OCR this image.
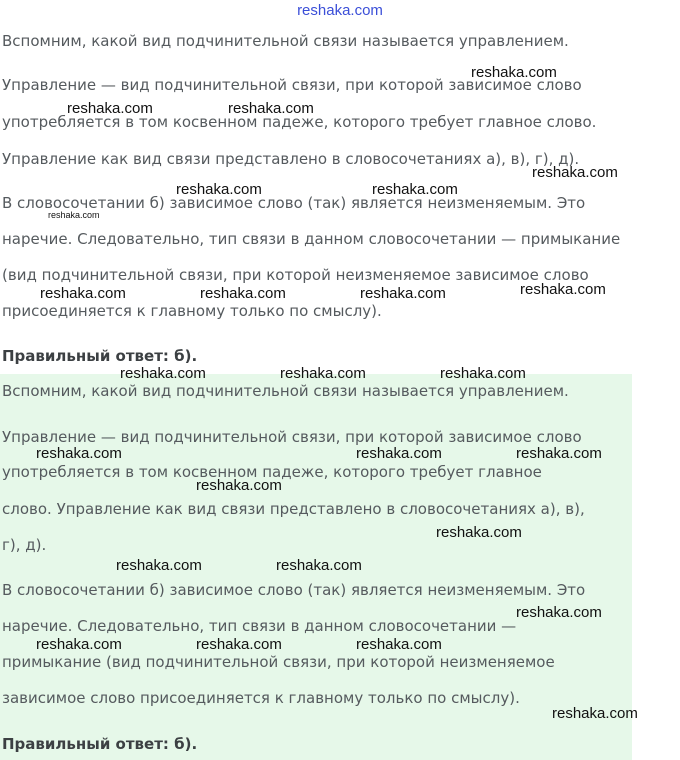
reshaka.com
Вспомним, какой вид подчинительной связи называется управлением.
Управление — вид подчинительной связи, при которой зависимое слово
употребляется в том косвенном падеже, которого требует главное слово.
Управление как вид связи представлено в словосочетаниях а), в), г), д).
В словосочетании б) зависимое слово (так) является неизменяемым. Это
наречие. Следовательно, тип связи в данном словосочетании — примыкание
(вид подчинительной связи, при которой неизменяемое зависимое слово
присоединяется к главному только по смыслу).
Правильный ответ: б).
Вспомним, какой вид подчинительной связи называется управлением.
Управление — вид подчинительной связи, при которой зависимое слово
употребляется в том косвенном падеже, которого требует главное
слово. Управление как вид связи представлено в словосочетаниях а), в),
г), д).
В словосочетании б) зависимое слово (так) является неизменяемым. Это
наречие. Следовательно, тип связи в данном словосочетании —
примыкание (вид подчинительной связи, при которой неизменяемое
зависимое слово присоединяется к главному только по смыслу).
Правильный ответ: б).
reshaka.com
reshaka.com	reshaka.com
reshaka.com
reshaka.com	reshaka.com
reshaka.com
reshaka.com
reshaka.com	reshaka.com	reshaka.com
reshaka.com	reshaka.com	reshaka.com
reshaka.com	reshaka.com	reshaka.com
reshaka.com
reshaka.com
reshaka.com	reshaka.com
reshaka.com
reshaka.com	reshaka.com	reshaka.com
reshaka.com
